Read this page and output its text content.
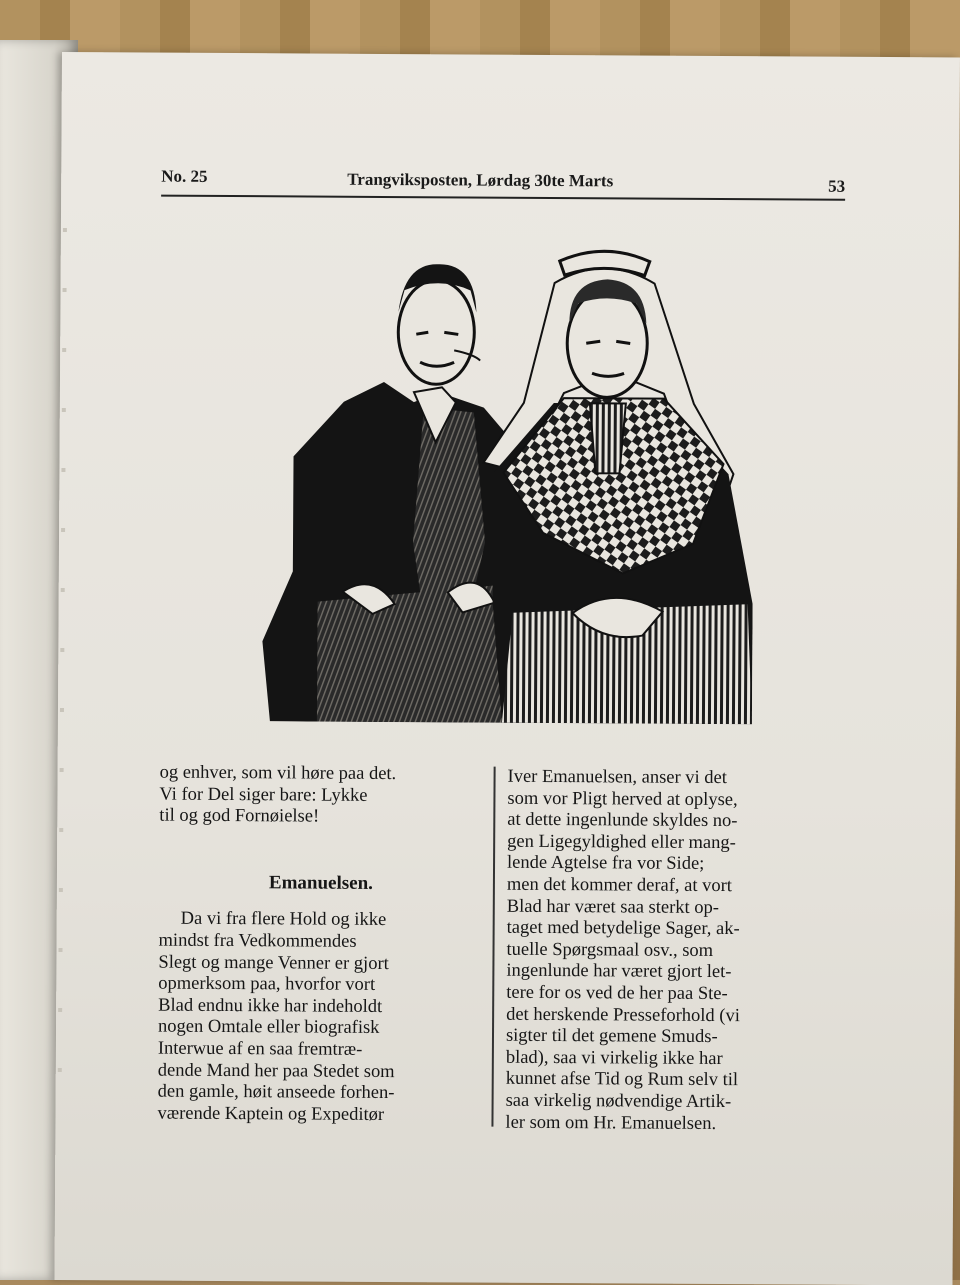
No. 25	Trangviksposten, Lørdag 30te Marts	53

og enhver, som vil høre paa det.

Vi for Del siger bare: Lykke

til og god Fornøielse!

Emanuelsen.

Da vi fra flere Hold og ikke

mindst fra Vedkommendes

Slegt og mange Venner er gjort

opmerksom paa, hvorfor vort

Blad endnu ikke har indeholdt

nogen Omtale eller biografisk

Interwue af en saa fremtræ-

dende Mand her paa Stedet som

den gamle, høit anseede forhen-

værende Kaptein og Expeditør

Iver Emanuelsen, anser vi det

som vor Pligt herved at oplyse,

at dette ingenlunde skyldes no-

gen Ligegyldighed eller mang-

lende Agtelse fra vor Side;

men det kommer deraf, at vort

Blad har været saa sterkt op-

taget med betydelige Sager, ak-

tuelle Spørgsmaal osv., som

ingenlunde har været gjort let-

tere for os ved de her paa Ste-

det herskende Presseforhold (vi

sigter til det gemene Smuds-

blad), saa vi virkelig ikke har

kunnet afse Tid og Rum selv til

saa virkelig nødvendige Artik-

ler som om Hr. Emanuelsen.
